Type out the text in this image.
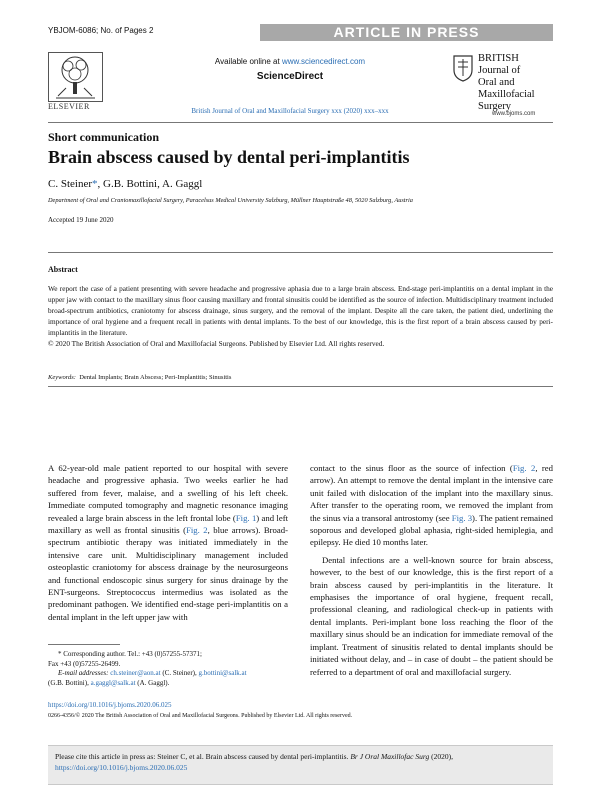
YBJOM-6086; No. of Pages 2	ARTICLE IN PRESS
ELSEVIER
Available online at www.sciencedirect.com
ScienceDirect
British Journal of Oral and Maxillofacial Surgery xxx (2020) xxx–xxx
BRITISH
Journal of
Oral and
Maxillofacial
Surgery
www.bjoms.com
Short communication
Brain abscess caused by dental peri-implantitis
C. Steiner*, G.B. Bottini, A. Gaggl
Department of Oral and Craniomaxillofacial Surgery, Paracelsus Medical University Salzburg, Müllner Hauptstraße 48, 5020 Salzburg, Austria
Accepted 19 June 2020
Abstract
We report the case of a patient presenting with severe headache and progressive aphasia due to a large brain abscess. End-stage peri-implantitis on a dental implant in the upper jaw with contact to the maxillary sinus floor causing maxillary and frontal sinusitis could be identified as the source of infection. Multidisciplinary treatment included broad-spectrum antibiotics, craniotomy for abscess drainage, sinus surgery, and the removal of the implant. Despite all the care taken, the patient died, underlining the importance of oral hygiene and a frequent recall in patients with dental implants. To the best of our knowledge, this is the first report of a brain abscess caused by peri-implantitis in the literature.
© 2020 The British Association of Oral and Maxillofacial Surgeons. Published by Elsevier Ltd. All rights reserved.
Keywords: Dental Implants; Brain Abscess; Peri-Implantitis; Sinusitis

A 62-year-old male patient reported to our hospital with severe headache and progressive aphasia. Two weeks earlier he had suffered from fever, malaise, and a swelling of his left cheek. Immediate computed tomography and magnetic resonance imaging revealed a large brain abscess in the left frontal lobe (Fig. 1) and left maxillary as well as frontal sinusitis (Fig. 2, blue arrows). Broad-spectrum antibiotic therapy was initiated immediately in the intensive care unit. Multidisciplinary management included osteoplastic craniotomy for abscess drainage by the neurosurgeons and functional endoscopic sinus surgery for sinus drainage by the ENT-surgeons. Streptococcus intermedius was isolated as the predominant pathogen. We identified end-stage peri-implantitis on a dental implant in the left upper jaw with

contact to the sinus floor as the source of infection (Fig. 2, red arrow). An attempt to remove the dental implant in the intensive care unit failed with dislocation of the implant into the maxillary sinus. After transfer to the operating room, we removed the implant from the sinus via a transoral antrostomy (see Fig. 3). The patient remained soporous and developed global aphasia, right-sided hemiplegia, and epilepsy. He died 10 months later.

Dental infections are a well-known source for brain abscess, however, to the best of our knowledge, this is the first report of a brain abscess caused by peri-implantitis in the literature. It emphasises the importance of oral hygiene, frequent recall, professional cleaning, and radiological check-up in patients with dental implants. Peri-implant bone loss reaching the floor of the maxillary sinus should be an indication for immediate removal of the implant. Treatment of sinusitis related to dental implants should be initiated without delay, and – in case of doubt – the patient should be referred to a department of oral and maxillofacial surgery.

* Corresponding author. Tel.: +43 (0)57255-57371;
Fax +43 (0)57255-26499.
E-mail addresses: ch.steiner@aon.at (C. Steiner), g.bottini@salk.at
(G.B. Bottini), a.gaggl@salk.at (A. Gaggl).
https://doi.org/10.1016/j.bjoms.2020.06.025
0266-4356/© 2020 The British Association of Oral and Maxillofacial Surgeons. Published by Elsevier Ltd. All rights reserved.
Please cite this article in press as: Steiner C, et al. Brain abscess caused by dental peri-implantitis. Br J Oral Maxillofac Surg (2020),
https://doi.org/10.1016/j.bjoms.2020.06.025
